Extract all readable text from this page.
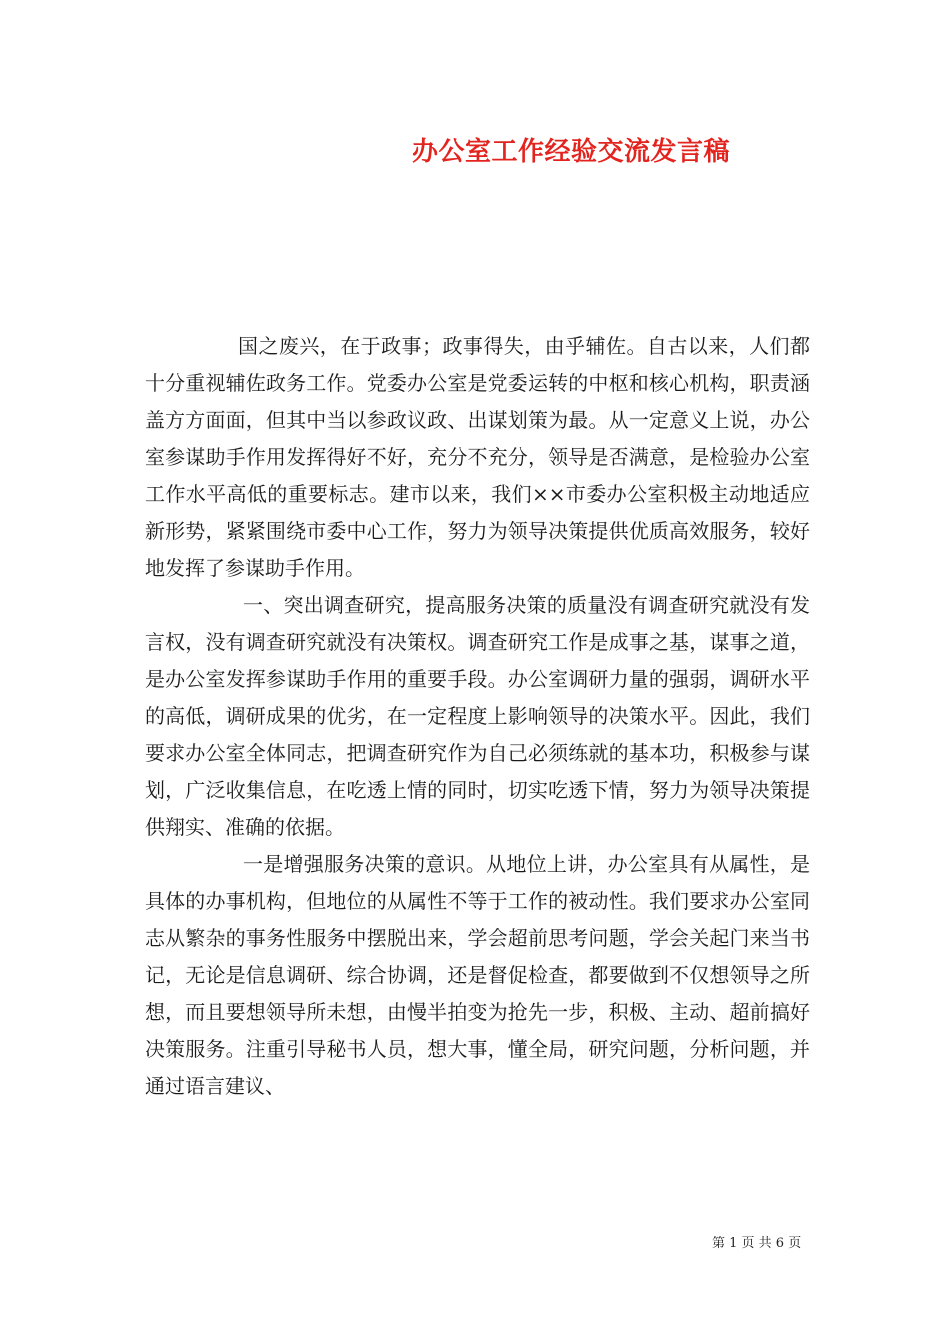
办公室工作经验交流发言稿

国之废兴，在于政事；政事得失，由乎辅佐。自古以来，人们都十分重视辅佐政务工作。党委办公室是党委运转的中枢和核心机构，职责涵盖方方面面，但其中当以参政议政、出谋划策为最。从一定意义上说，办公室参谋助手作用发挥得好不好，充分不充分，领导是否满意，是检验办公室工作水平高低的重要标志。建市以来，我们××市委办公室积极主动地适应新形势，紧紧围绕市委中心工作，努力为领导决策提供优质高效服务，较好地发挥了参谋助手作用。

一、突出调查研究，提高服务决策的质量没有调查研究就没有发言权，没有调查研究就没有决策权。调查研究工作是成事之基，谋事之道，是办公室发挥参谋助手作用的重要手段。办公室调研力量的强弱，调研水平的高低，调研成果的优劣，在一定程度上影响领导的决策水平。因此，我们要求办公室全体同志，把调查研究作为自己必须练就的基本功，积极参与谋划，广泛收集信息，在吃透上情的同时，切实吃透下情，努力为领导决策提供翔实、准确的依据。

一是增强服务决策的意识。从地位上讲，办公室具有从属性，是具体的办事机构，但地位的从属性不等于工作的被动性。我们要求办公室同志从繁杂的事务性服务中摆脱出来，学会超前思考问题，学会关起门来当书记，无论是信息调研、综合协调，还是督促检查，都要做到不仅想领导之所想，而且要想领导所未想，由慢半拍变为抢先一步，积极、主动、超前搞好决策服务。注重引导秘书人员，想大事，懂全局，研究问题，分析问题，并通过语言建议、

第 1 页 共 6 页
